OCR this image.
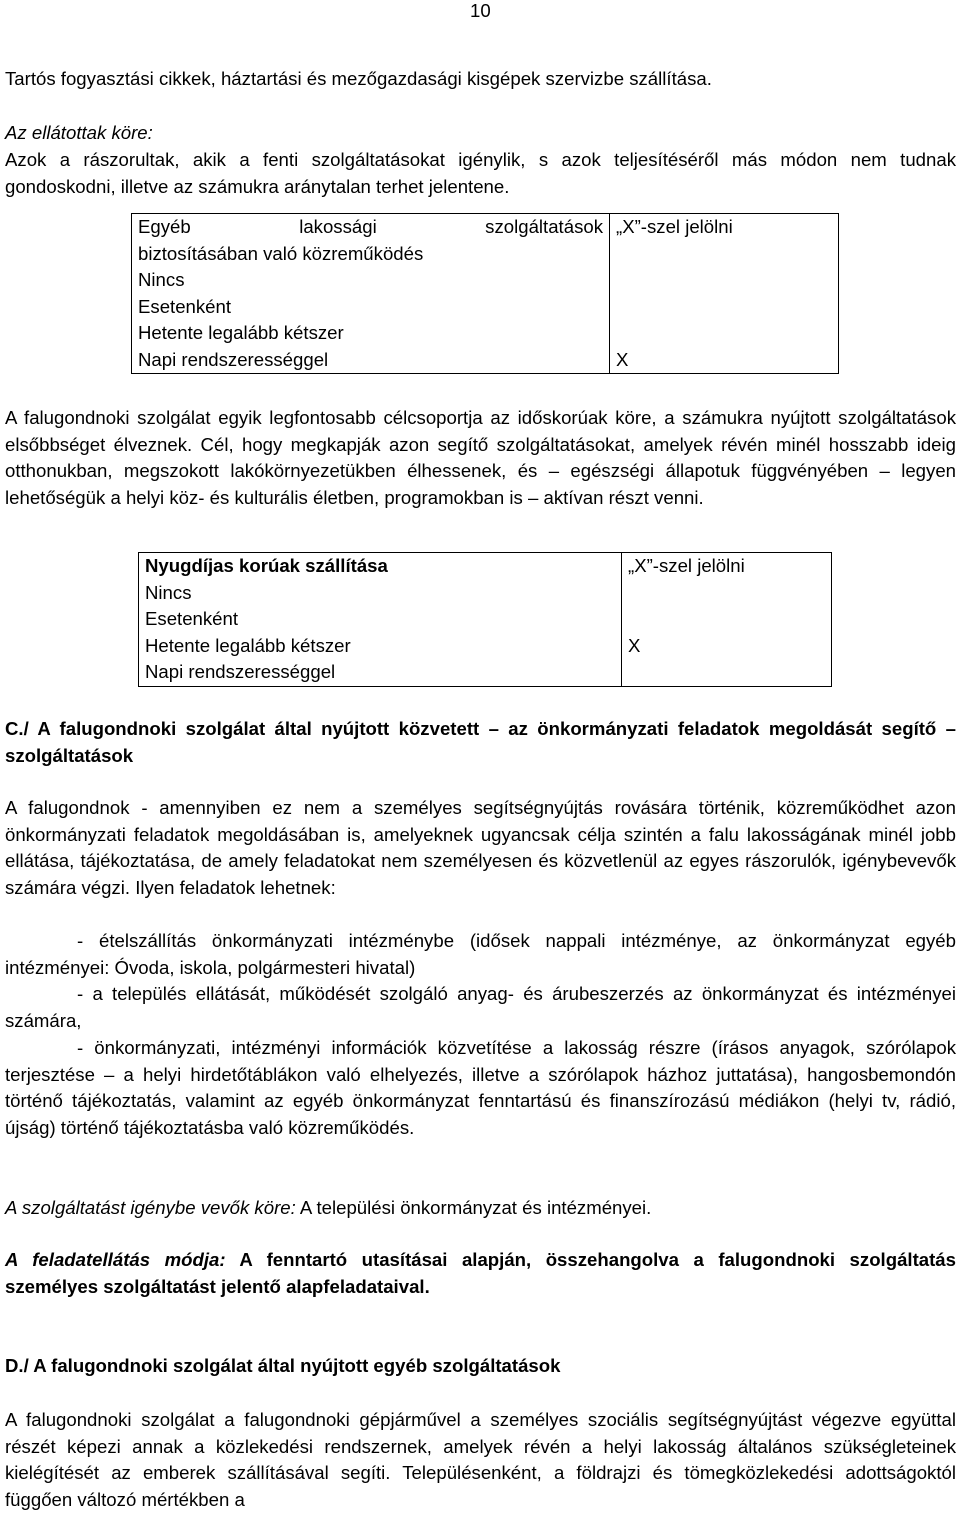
10

Tartós fogyasztási cikkek, háztartási és mezőgazdasági kisgépek szervizbe szállítása.

Az ellátottak köre:

Azok a rászorultak, akik a fenti szolgáltatásokat igénylik, s azok teljesítéséről más módon nem tudnak gondoskodni, illetve az számukra aránytalan terhet jelentene.

Egyéb lakossági szolgáltatások
biztosításában való közreműködés	„X”-szel jelölni
Nincs	
Esetenként	
Hetente legalább kétszer	
Napi rendszerességgel	X

A falugondnoki szolgálat egyik legfontosabb célcsoportja az időskorúak köre, a számukra nyújtott szolgáltatások elsőbbséget élveznek. Cél, hogy megkapják azon segítő szolgáltatásokat, amelyek révén minél hosszabb ideig otthonukban, megszokott lakókörnyezetükben élhessenek, és – egészségi állapotuk függvényében – legyen lehetőségük a helyi köz- és kulturális életben, programokban is – aktívan részt venni.

Nyugdíjas korúak szállítása	„X”-szel jelölni
Nincs	
Esetenként	
Hetente legalább kétszer	X
Napi rendszerességgel	

C./ A falugondnoki szolgálat által nyújtott közvetett – az önkormányzati feladatok megoldását segítő – szolgáltatások

A falugondnok - amennyiben ez nem a személyes segítségnyújtás rovására történik, közreműködhet azon önkormányzati feladatok megoldásában is, amelyeknek ugyancsak célja szintén a falu lakosságának minél jobb ellátása, tájékoztatása, de amely feladatokat nem személyesen és közvetlenül az egyes rászorulók, igénybevevők számára végzi. Ilyen feladatok lehetnek:

- ételszállítás önkormányzati intézménybe (idősek nappali intézménye, az önkormányzat egyéb intézményei: Óvoda, iskola, polgármesteri hivatal)

- a település ellátását, működését szolgáló anyag- és árubeszerzés az önkormányzat és intézményei számára,

- önkormányzati, intézményi információk közvetítése a lakosság részre (írásos anyagok, szórólapok terjesztése – a helyi hirdetőtáblákon való elhelyezés, illetve a szórólapok házhoz juttatása), hangosbemondón történő tájékoztatás, valamint az egyéb önkormányzat fenntartású és finanszírozású médiákon (helyi tv, rádió, újság) történő tájékoztatásba való közreműködés.

A szolgáltatást igénybe vevők köre: A települési önkormányzat és intézményei.

A feladatellátás módja: A fenntartó utasításai alapján, összehangolva a falugondnoki szolgáltatás személyes szolgáltatást jelentő alapfeladataival.

D./ A falugondnoki szolgálat által nyújtott egyéb szolgáltatások

A falugondnoki szolgálat a falugondnoki gépjárművel a személyes szociális segítségnyújtást végezve együttal részét képezi annak a közlekedési rendszernek, amelyek révén a helyi lakosság általános szükségleteinek kielégítését az emberek szállításával segíti. Településenként, a földrajzi és tömegközlekedési adottságoktól függően változó mértékben a
